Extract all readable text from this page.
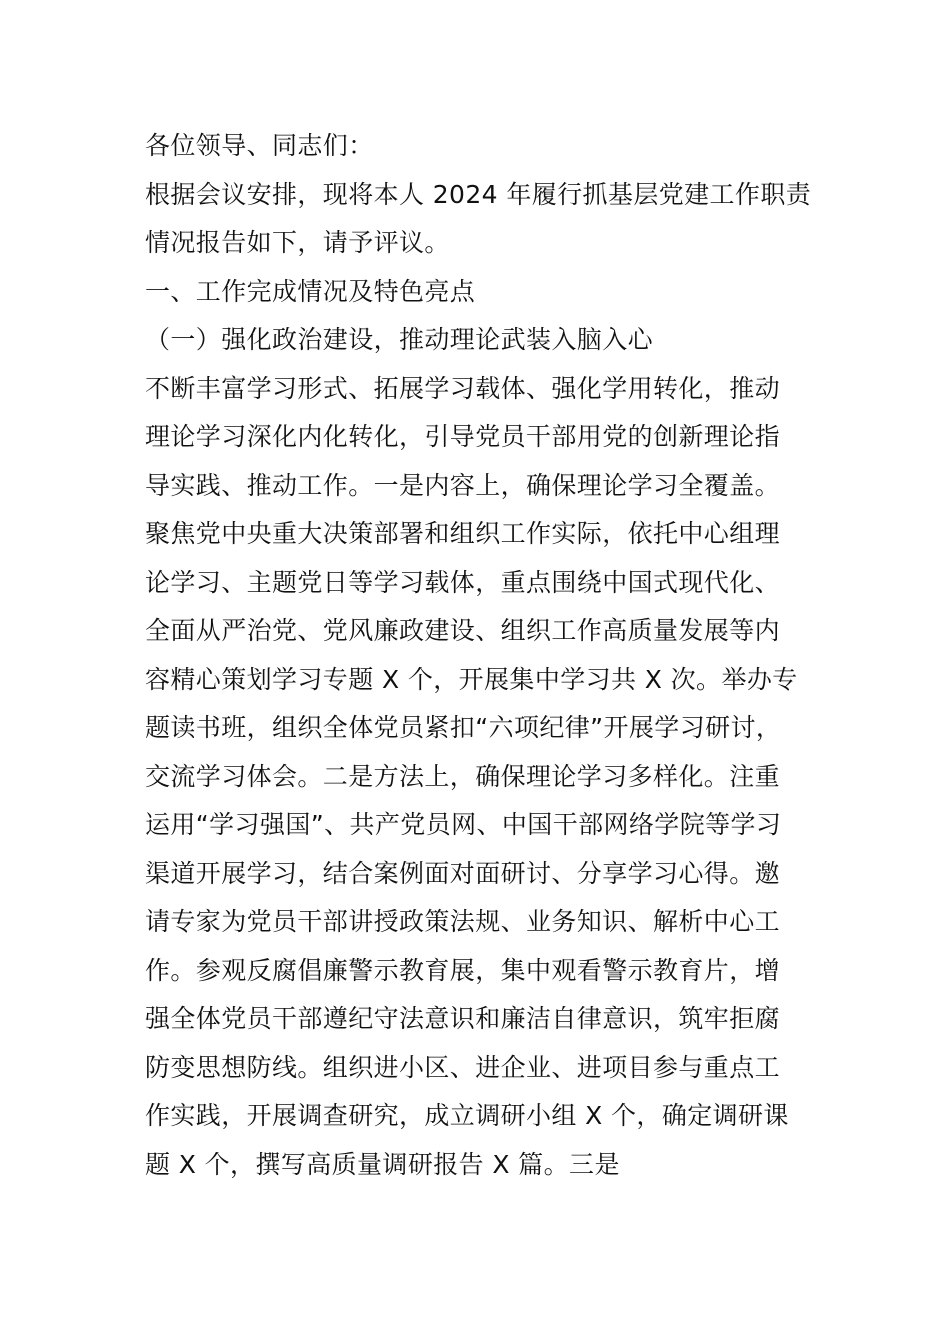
各位领导、同志们：
根据会议安排，现将本人 2024 年履行抓基层党建工作职责
情况报告如下，请予评议。
一、工作完成情况及特色亮点
（一）强化政治建设，推动理论武装入脑入心
不断丰富学习形式、拓展学习载体、强化学用转化，推动
理论学习深化内化转化，引导党员干部用党的创新理论指
导实践、推动工作。一是内容上，确保理论学习全覆盖。
聚焦党中央重大决策部署和组织工作实际，依托中心组理
论学习、主题党日等学习载体，重点围绕中国式现代化、
全面从严治党、党风廉政建设、组织工作高质量发展等内
容精心策划学习专题 X 个，开展集中学习共 X 次。举办专
题读书班，组织全体党员紧扣“六项纪律”开展学习研讨，
交流学习体会。二是方法上，确保理论学习多样化。注重
运用“学习强国”、共产党员网、中国干部网络学院等学习
渠道开展学习，结合案例面对面研讨、分享学习心得。邀
请专家为党员干部讲授政策法规、业务知识、解析中心工
作。参观反腐倡廉警示教育展，集中观看警示教育片，增
强全体党员干部遵纪守法意识和廉洁自律意识，筑牢拒腐
防变思想防线。组织进小区、进企业、进项目参与重点工
作实践，开展调查研究，成立调研小组 X 个，确定调研课
题 X 个，撰写高质量调研报告 X 篇。三是
